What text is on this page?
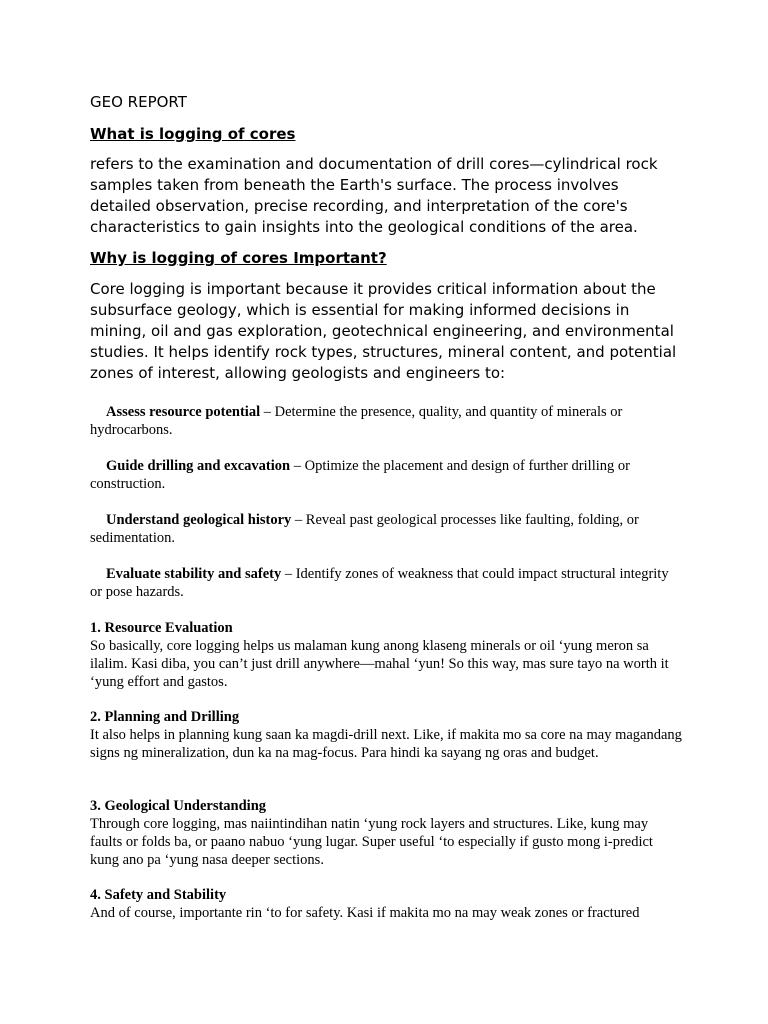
GEO REPORT

What is logging of cores

refers to the examination and documentation of drill cores—cylindrical rock samples taken from beneath the Earth's surface. The process involves detailed observation, precise recording, and interpretation of the core's characteristics to gain insights into the geological conditions of the area.

Why is logging of cores Important?

Core logging is important because it provides critical information about the subsurface geology, which is essential for making informed decisions in mining, oil and gas exploration, geotechnical engineering, and environmental studies. It helps identify rock types, structures, mineral content, and potential zones of interest, allowing geologists and engineers to:

Assess resource potential – Determine the presence, quality, and quantity of minerals or hydrocarbons.

Guide drilling and excavation – Optimize the placement and design of further drilling or construction.

Understand geological history – Reveal past geological processes like faulting, folding, or sedimentation.

Evaluate stability and safety – Identify zones of weakness that could impact structural integrity or pose hazards.

1. Resource Evaluation
So basically, core logging helps us malaman kung anong klaseng minerals or oil ‘yung meron sa ilalim. Kasi diba, you can’t just drill anywhere—mahal ‘yun! So this way, mas sure tayo na worth it ‘yung effort and gastos.
2. Planning and Drilling
It also helps in planning kung saan ka magdi-drill next. Like, if makita mo sa core na may magandang signs ng mineralization, dun ka na mag-focus. Para hindi ka sayang ng oras and budget.
3. Geological Understanding
Through core logging, mas naiintindihan natin ‘yung rock layers and structures. Like, kung may faults or folds ba, or paano nabuo ‘yung lugar. Super useful ‘to especially if gusto mong i-predict kung ano pa ‘yung nasa deeper sections.
4. Safety and Stability
And of course, importante rin ‘to for safety. Kasi if makita mo na may weak zones or fractured
